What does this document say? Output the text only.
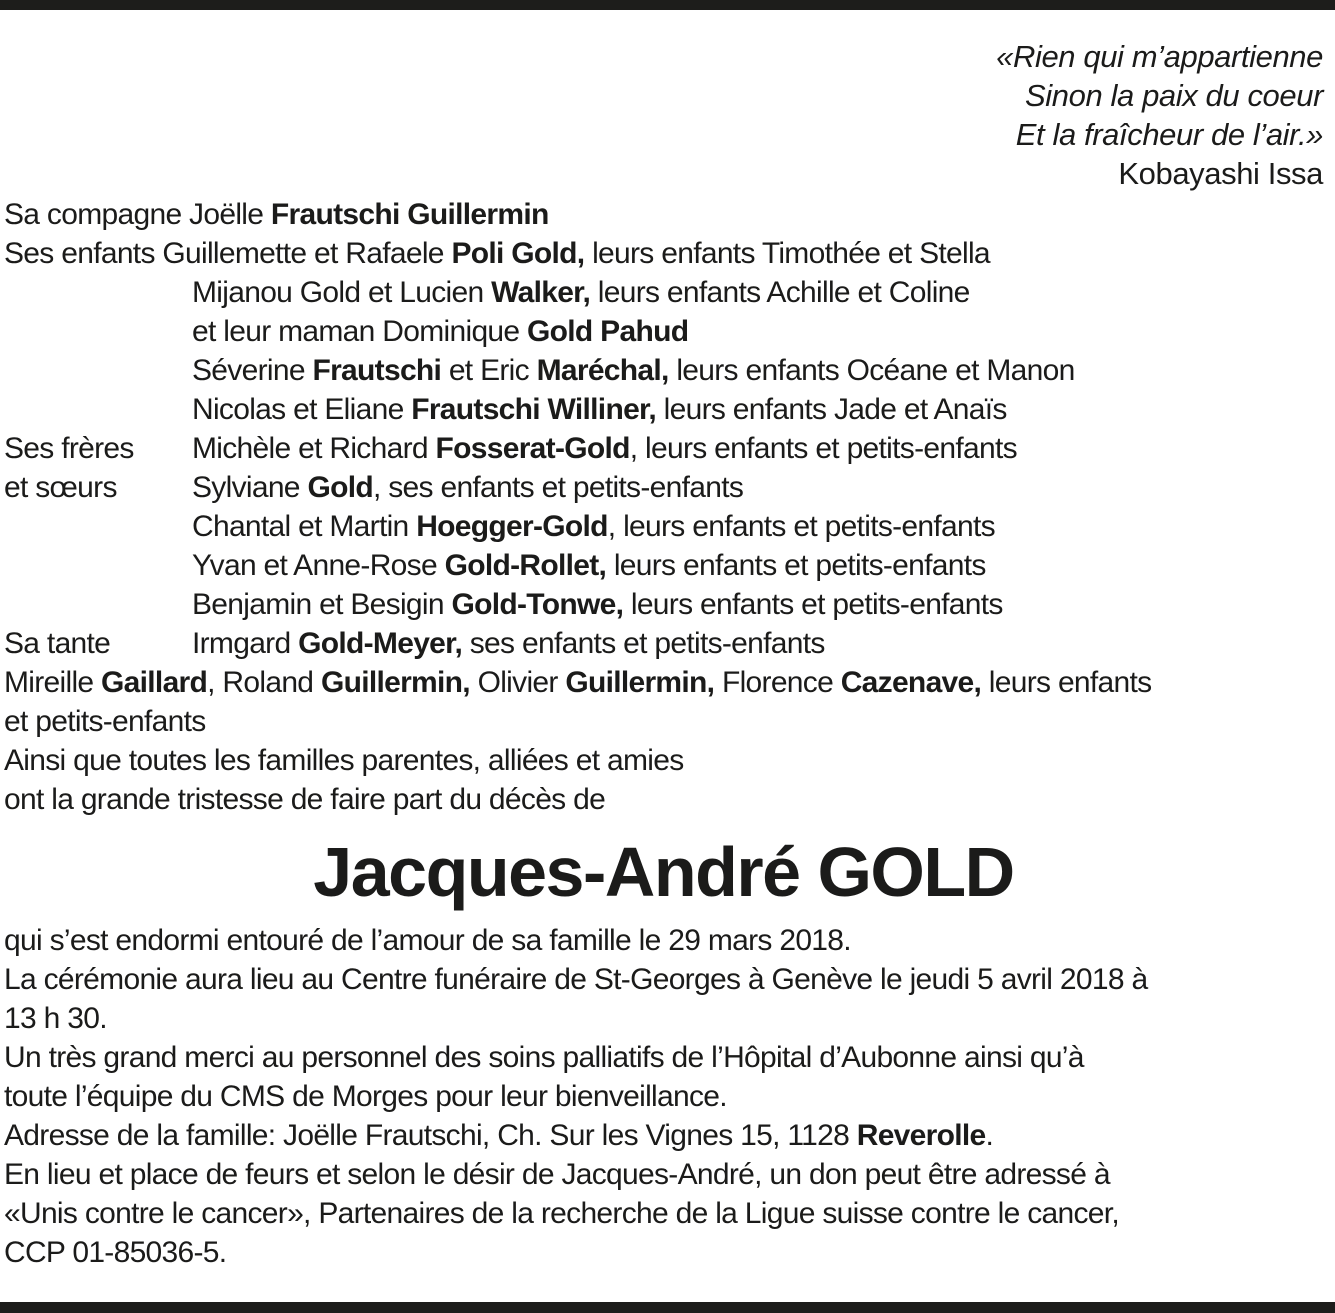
«Rien qui m’appartienne
Sinon la paix du coeur
Et la fraîcheur de l’air.»
Kobayashi Issa
Sa compagne Joëlle Frautschi Guillermin
Ses enfants Guillemette et Rafaele Poli Gold, leurs enfants Timothée et Stella
Mijanou Gold et Lucien Walker, leurs enfants Achille et Coline
et leur maman Dominique Gold Pahud
Séverine Frautschi et Eric Maréchal, leurs enfants Océane et Manon
Nicolas et Eliane Frautschi Williner, leurs enfants Jade et Anaïs
Ses frères Michèle et Richard Fosserat-Gold, leurs enfants et petits-enfants
et sœurs	Sylviane Gold, ses enfants et petits-enfants
Chantal et Martin Hoegger-Gold, leurs enfants et petits-enfants
Yvan et Anne-Rose Gold-Rollet, leurs enfants et petits-enfants
Benjamin et Besigin Gold-Tonwe, leurs enfants et petits-enfants
Sa tante	Irmgard Gold-Meyer, ses enfants et petits-enfants
Mireille Gaillard, Roland Guillermin, Olivier Guillermin, Florence Cazenave, leurs enfants
et petits-enfants
Ainsi que toutes les familles parentes, alliées et amies
ont la grande tristesse de faire part du décès de
Jacques-André GOLD
qui s’est endormi entouré de l’amour de sa famille le 29 mars 2018.
La cérémonie aura lieu au Centre funéraire de St-Georges à Genève le jeudi 5 avril 2018 à
13 h 30.
Un très grand merci au personnel des soins palliatifs de l’Hôpital d’Aubonne ainsi qu’à
toute l’équipe du CMS de Morges pour leur bienveillance.
Adresse de la famille: Joëlle Frautschi, Ch. Sur les Vignes 15, 1128 Reverolle.
En lieu et place de feurs et selon le désir de Jacques-André, un don peut être adressé à
«Unis contre le cancer», Partenaires de la recherche de la Ligue suisse contre le cancer,
CCP 01-85036-5.
